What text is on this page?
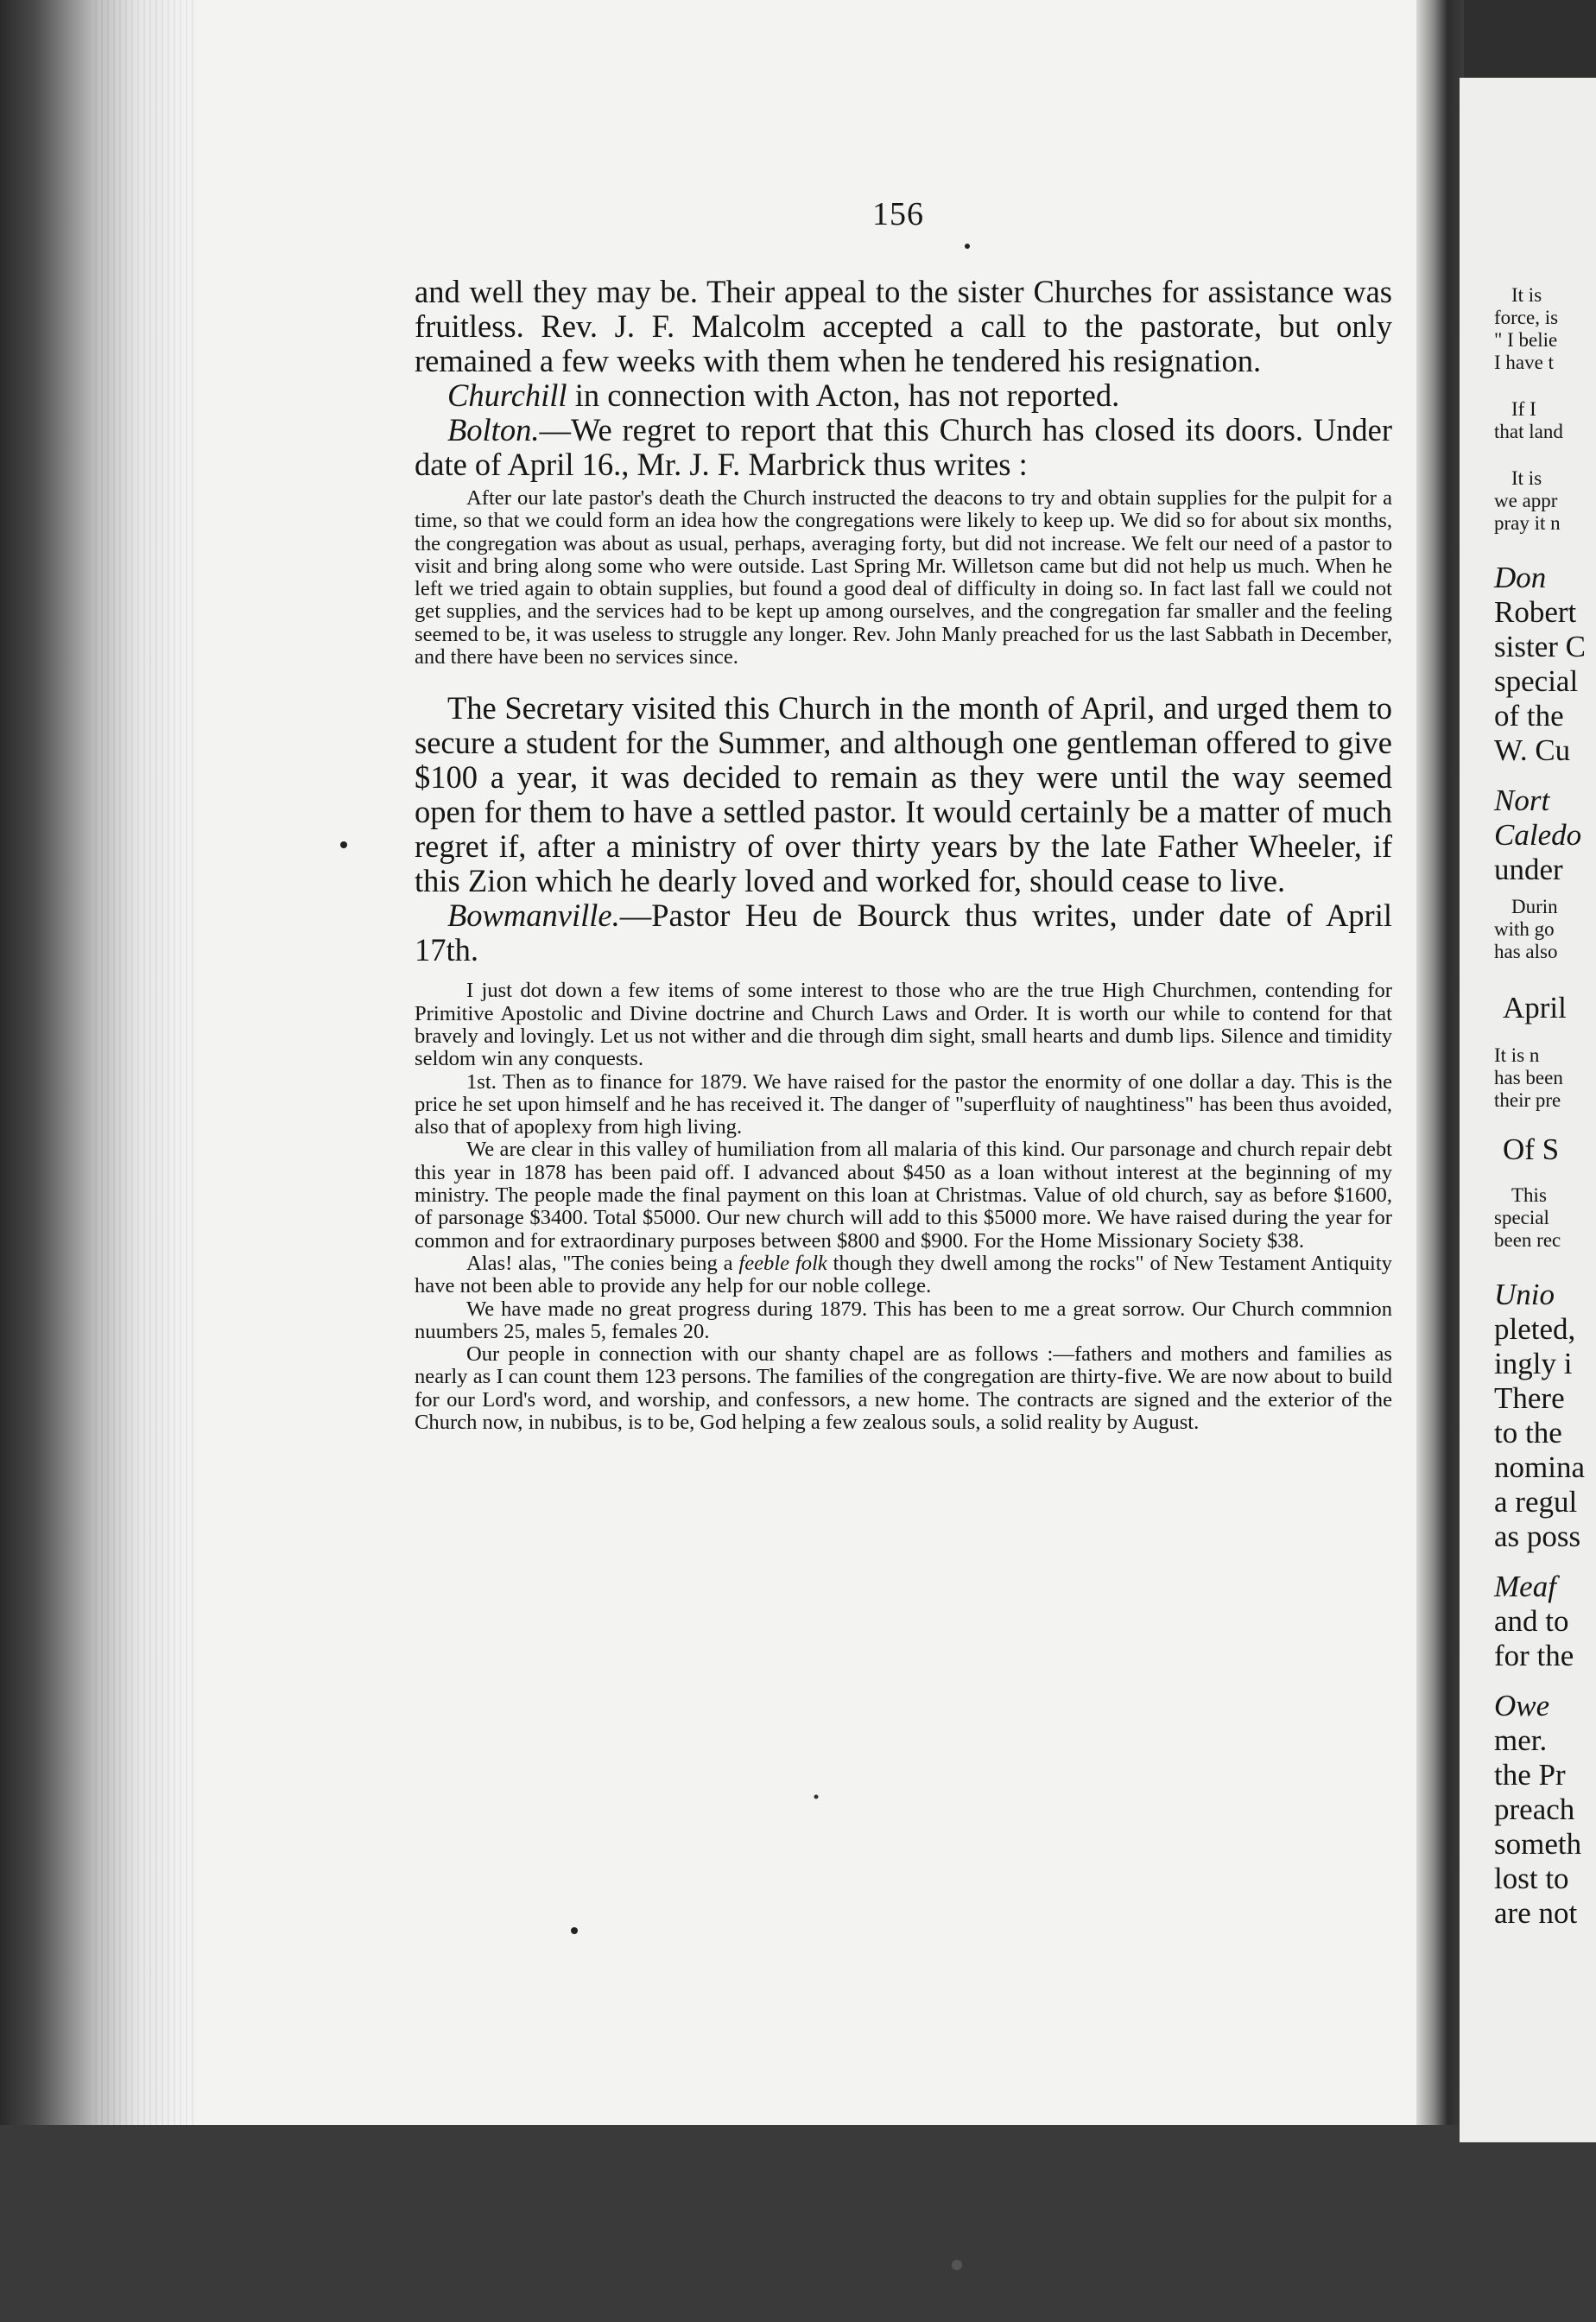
It is
force, is
" I belie
I have t
If I
that land
It is
we appr
pray it n
Don
Robert
sister C
special
of the
W. Cu
Nort
Caledo
under
Durin
with go
has also
April
It is n
has been
their pre
Of S
This
special
been rec
Unio
pleted,
ingly i
There
to the
nomina
a regul
as poss
Meaf
and to
for the
Owe
mer.
the Pr
preach
someth
lost to
are not
156

and well they may be. Their appeal to the sister Churches for assistance was fruitless. Rev. J. F. Malcolm accepted a call to the pastorate, but only remained a few weeks with them when he tendered his resignation.

Churchill in connection with Acton, has not reported.

Bolton.—We regret to report that this Church has closed its doors. Under date of April 16., Mr. J. F. Marbrick thus writes :

After our late pastor's death the Church instructed the deacons to try and obtain supplies for the pulpit for a time, so that we could form an idea how the congregations were likely to keep up. We did so for about six months, the congregation was about as usual, perhaps, averaging forty, but did not increase. We felt our need of a pastor to visit and bring along some who were outside. Last Spring Mr. Willetson came but did not help us much. When he left we tried again to obtain supplies, but found a good deal of difficulty in doing so. In fact last fall we could not get supplies, and the services had to be kept up among ourselves, and the congregation far smaller and the feeling seemed to be, it was useless to struggle any longer. Rev. John Manly preached for us the last Sabbath in December, and there have been no services since.

The Secretary visited this Church in the month of April, and urged them to secure a student for the Summer, and although one gentleman offered to give $100 a year, it was decided to remain as they were until the way seemed open for them to have a settled pastor. It would certainly be a matter of much regret if, after a ministry of over thirty years by the late Father Wheeler, if this Zion which he dearly loved and worked for, should cease to live.

Bowmanville.—Pastor Heu de Bourck thus writes, under date of April 17th.

I just dot down a few items of some interest to those who are the true High Churchmen, contending for Primitive Apostolic and Divine doctrine and Church Laws and Order. It is worth our while to contend for that bravely and lovingly. Let us not wither and die through dim sight, small hearts and dumb lips. Silence and timidity seldom win any conquests.

1st. Then as to finance for 1879. We have raised for the pastor the enormity of one dollar a day. This is the price he set upon himself and he has received it. The danger of "superfluity of naughtiness" has been thus avoided, also that of apoplexy from high living.

We are clear in this valley of humiliation from all malaria of this kind. Our parsonage and church repair debt this year in 1878 has been paid off. I advanced about $450 as a loan without interest at the beginning of my ministry. The people made the final payment on this loan at Christmas. Value of old church, say as before $1600, of parsonage $3400. Total $5000. Our new church will add to this $5000 more. We have raised during the year for common and for extraordinary purposes between $800 and $900. For the Home Missionary Society $38.

Alas! alas, "The conies being a feeble folk though they dwell among the rocks" of New Testament Antiquity have not been able to provide any help for our noble college.

We have made no great progress during 1879. This has been to me a great sorrow. Our Church commnion nuumbers 25, males 5, females 20.

Our people in connection with our shanty chapel are as follows :—fathers and mothers and families as nearly as I can count them 123 persons. The families of the congregation are thirty-five. We are now about to build for our Lord's word, and worship, and confessors, a new home. The contracts are signed and the exterior of the Church now, in nubibus, is to be, God helping a few zealous souls, a solid reality by August.
